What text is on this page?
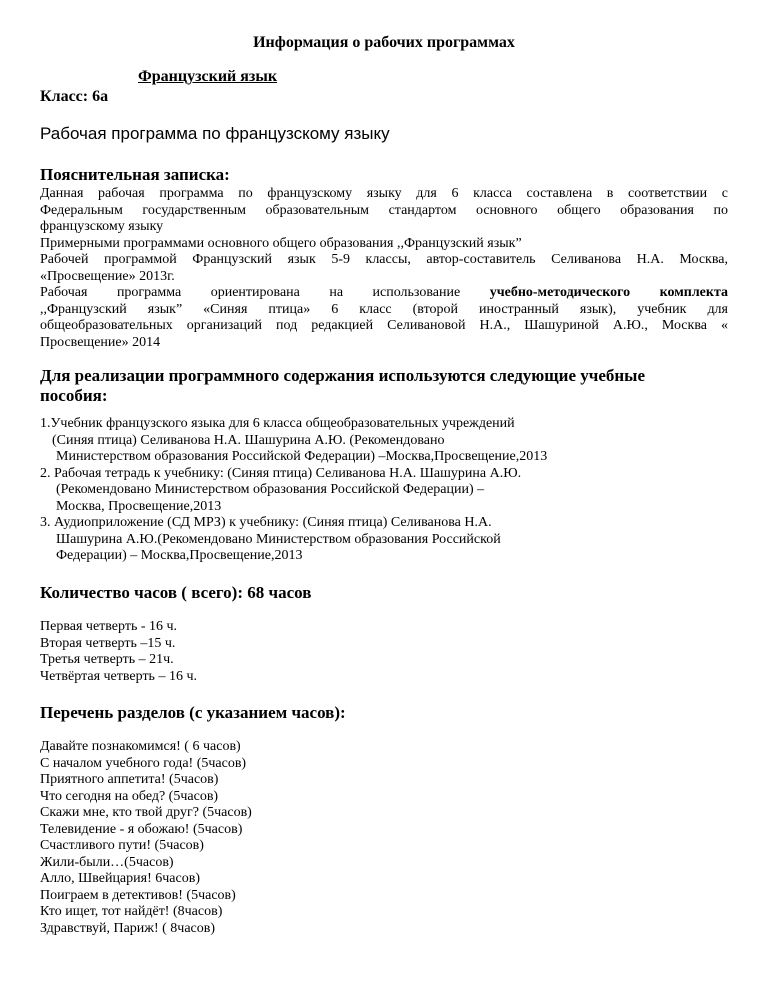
Информация о рабочих программах
Французский язык
Класс: 6а
Рабочая программа по французскому языку
Пояснительная записка:
Данная рабочая программа по французскому языку для 6 класса составлена в соответствии с
Федеральным государственным образовательным стандартом основного общего образования по
французскому языку
Примерными программами основного общего образования ,,Французский язык”
Рабочей программой Французский язык 5-9 классы, автор-составитель Селиванова Н.А. Москва,
«Просвещение» 2013г.
Рабочая программа ориентирована на использование учебно-методического комплекта
,,Французский язык” «Синяя птица» 6 класс (второй иностранный язык), учебник для
общеобразовательных организаций под редакцией Селивановой Н.А., Шашуриной А.Ю., Москва «
Просвещение» 2014
Для реализации программного содержания используются следующие учебные
пособия:
1.Учебник французского языка для 6 класса общеобразовательных учреждений
(Синяя птица) Селиванова Н.А. Шашурина А.Ю. (Рекомендовано
Министерством образования Российской Федерации) –Москва,Просвещение,2013
2. Рабочая тетрадь к учебнику: (Синяя птица) Селиванова Н.А. Шашурина А.Ю.
(Рекомендовано Министерством образования Российской Федерации) –
Москва, Просвещение,2013
3. Аудиоприложение (СД МРЗ) к учебнику: (Синяя птица) Селиванова Н.А.
Шашурина А.Ю.(Рекомендовано Министерством образования Российской
Федерации) – Москва,Просвещение,2013
Количество часов ( всего): 68 часов
Первая четверть - 16 ч.
Вторая четверть –15 ч.
Третья четверть – 21ч.
Четвёртая четверть – 16 ч.
Перечень разделов (с указанием часов):
Давайте познакомимся! ( 6 часов)
С началом учебного года! (5часов)
Приятного аппетита! (5часов)
Что сегодня на обед? (5часов)
Скажи мне, кто твой друг? (5часов)
Телевидение - я обожаю! (5часов)
Счастливого пути! (5часов)
Жили-были…(5часов)
Алло, Швейцария! 6часов)
Поиграем в детективов! (5часов)
Кто ищет, тот найдёт! (8часов)
Здравствуй, Париж! ( 8часов)
